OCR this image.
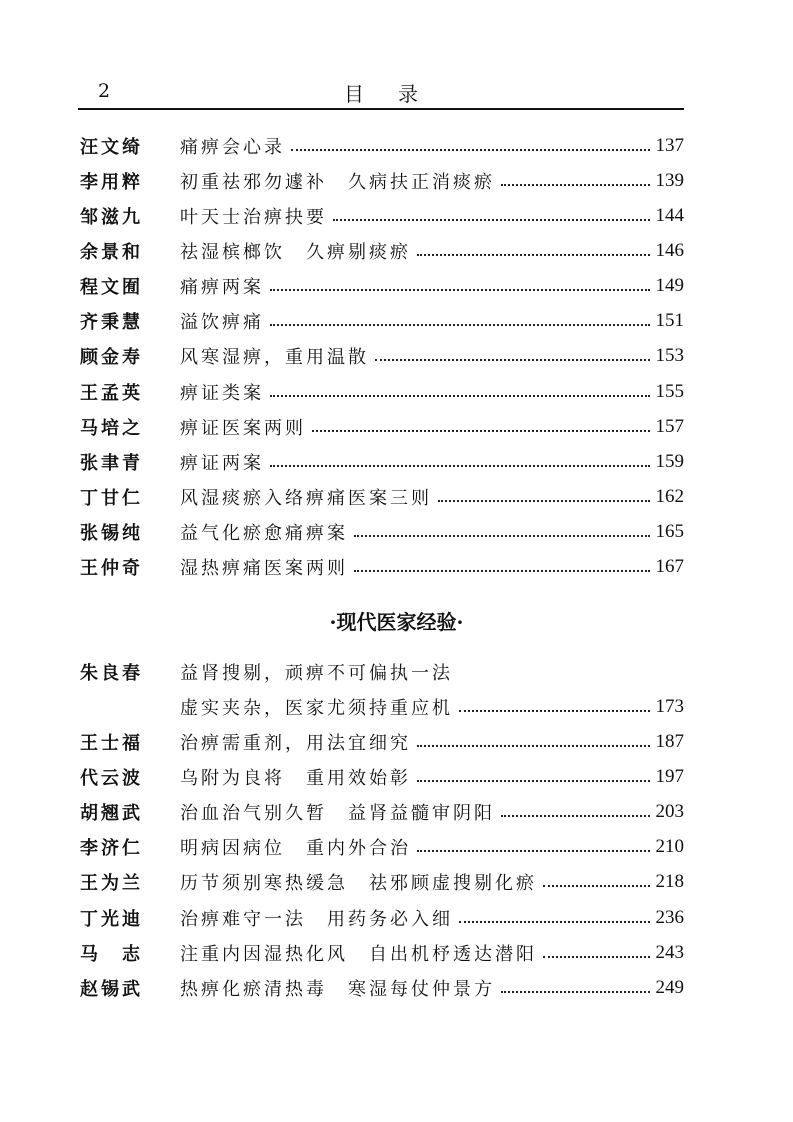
2	目录
汪文绮	痛痹会心录	137
李用粹	初重祛邪勿遽补　久病扶正消痰瘀	139
邹滋九	叶天士治痹抉要	144
余景和	祛湿槟榔饮　久痹剔痰瘀	146
程文囿	痛痹两案	149
齐秉慧	溢饮痹痛	151
顾金寿	风寒湿痹，重用温散	153
王孟英	痹证类案	155
马培之	痹证医案两则	157
张聿青	痹证两案	159
丁甘仁	风湿痰瘀入络痹痛医案三则	162
张锡纯	益气化瘀愈痛痹案	165
王仲奇	湿热痹痛医案两则	167
·现代医家经验·
朱良春	益肾搜剔，顽痹不可偏执一法
虚实夹杂，医家尤须持重应机	173
王士福	治痹需重剂，用法宜细究	187
代云波	乌附为良将　重用效始彰	197
胡翘武	治血治气别久暂　益肾益髓审阴阳	203
李济仁	明病因病位　重内外合治	210
王为兰	历节须别寒热缓急　祛邪顾虚搜剔化瘀	218
丁光迪	治痹难守一法　用药务必入细	236
马　志	注重内因湿热化风　自出机杼透达潜阳	243
赵锡武	热痹化瘀清热毒　寒湿每仗仲景方	249
